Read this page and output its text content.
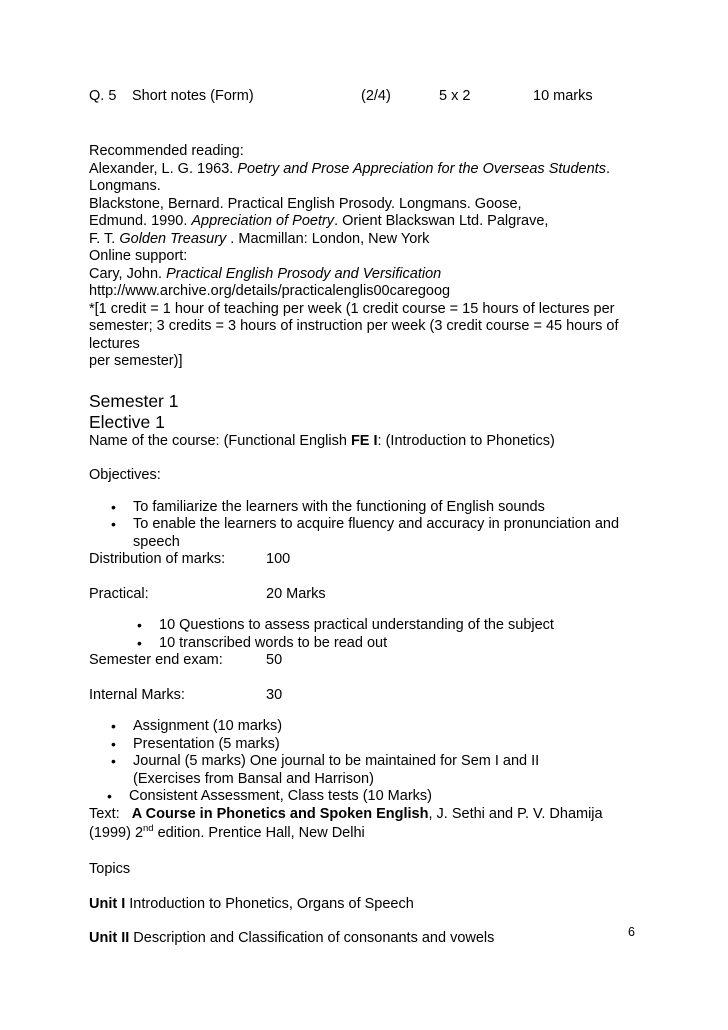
Q. 5 Short notes (Form)	(2/4)	5 x 2	10 marks
Recommended reading:
Alexander, L. G. 1963. Poetry and Prose Appreciation for the Overseas Students.
Longmans.
Blackstone, Bernard. Practical English Prosody. Longmans. Goose,
Edmund. 1990. Appreciation of Poetry. Orient Blackswan Ltd. Palgrave,
F. T. Golden Treasury . Macmillan: London, New York
Online support:
Cary, John. Practical English Prosody and Versification
http://www.archive.org/details/practicalenglis00caregoog
*[1 credit = 1 hour of teaching per week (1 credit course = 15 hours of lectures per
semester; 3 credits = 3 hours of instruction per week (3 credit course = 45 hours of
lectures
per semester)]
Semester 1
Elective 1
Name of the course: (Functional English FE I: (Introduction to Phonetics)
Objectives:
• To familiarize the learners with the functioning of English sounds
• To enable the learners to acquire fluency and accuracy in pronunciation and speech
Distribution of marks:	100
Practical:	20 Marks
• 10 Questions to assess practical understanding of the subject
• 10 transcribed words to be read out
Semester end exam:	50
Internal Marks:	30
• Assignment (10 marks)
• Presentation (5 marks)
• Journal (5 marks) One journal to be maintained for Sem I and II (Exercises from Bansal and Harrison)
• Consistent Assessment, Class tests (10 Marks)
Text:   A Course in Phonetics and Spoken English, J. Sethi and P. V. Dhamija
(1999) 2nd edition. Prentice Hall, New Delhi
Topics
Unit I Introduction to Phonetics, Organs of Speech
Unit II Description and Classification of consonants and vowels	6
